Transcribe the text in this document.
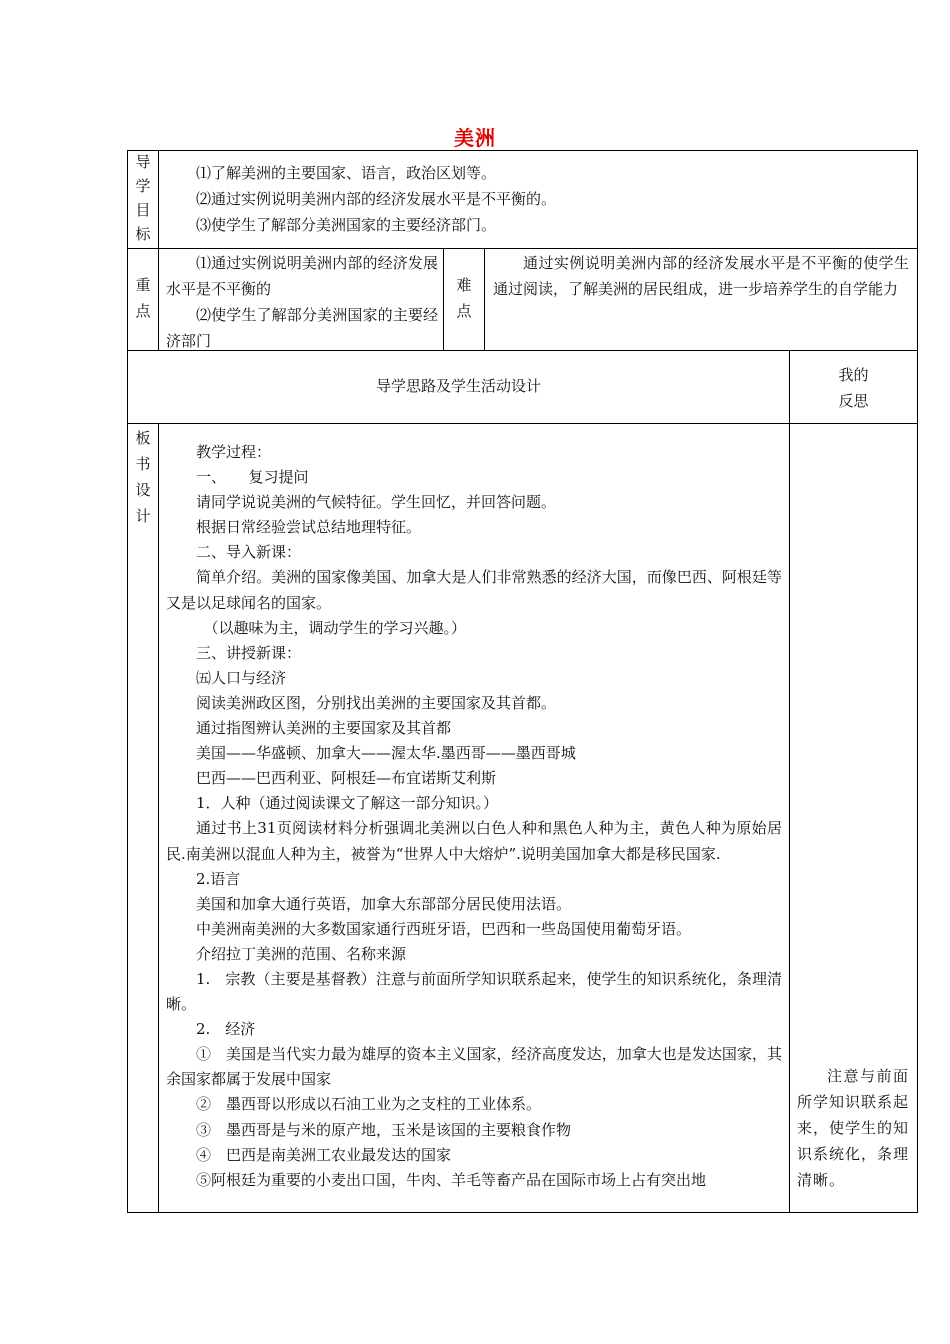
美洲
导
学
目
标

⑴了解美洲的主要国家、语言，政治区划等。

⑵通过实例说明美洲内部的经济发展水平是不平衡的。

⑶使学生了解部分美洲国家的主要经济部门。

重
点

⑴通过实例说明美洲内部的经济发展水平是不平衡的

⑵使学生了解部分美洲国家的主要经济部门

难
点

通过实例说明美洲内部的经济发展水平是不平衡的使学生通过阅读，了解美洲的居民组成，进一步培养学生的自学能力

导学思路及学生活动设计
我的
反思
板
书
设
计

教学过程：

一、　　复习提问

请同学说说美洲的气候特征。学生回忆，并回答问题。

根据日常经验尝试总结地理特征。

二、导入新课：

简单介绍。美洲的国家像美国、加拿大是人们非常熟悉的经济大国，而像巴西、阿根廷等又是以足球闻名的国家。

（以趣味为主，调动学生的学习兴趣。）

三、讲授新课：

㈤人口与经济

阅读美洲政区图，分别找出美洲的主要国家及其首都。

通过指图辨认美洲的主要国家及其首都

美国——华盛顿、加拿大——渥太华.墨西哥——墨西哥城

巴西——巴西利亚、阿根廷—布宜诺斯艾利斯

1．人种（通过阅读课文了解这一部分知识。）

通过书上31页阅读材料分析强调北美洲以白色人种和黑色人种为主，黄色人种为原始居民.南美洲以混血人种为主，被誉为“世界人中大熔炉”.说明美国加拿大都是移民国家.

2.语言

美国和加拿大通行英语，加拿大东部部分居民使用法语。

中美洲南美洲的大多数国家通行西班牙语，巴西和一些岛国使用葡萄牙语。

介绍拉丁美洲的范围、名称来源

1.　宗教（主要是基督教）注意与前面所学知识联系起来，使学生的知识系统化，条理清晰。

2.　经济

①　美国是当代实力最为雄厚的资本主义国家，经济高度发达，加拿大也是发达国家，其余国家都属于发展中国家

②　墨西哥以形成以石油工业为之支柱的工业体系。

③　墨西哥是与米的原产地，玉米是该国的主要粮食作物

④　巴西是南美洲工农业最发达的国家

⑤阿根廷为重要的小麦出口国，牛肉、羊毛等畜产品在国际市场上占有突出地

注意与前面所学知识联系起来，使学生的知识系统化，条理清晰。
